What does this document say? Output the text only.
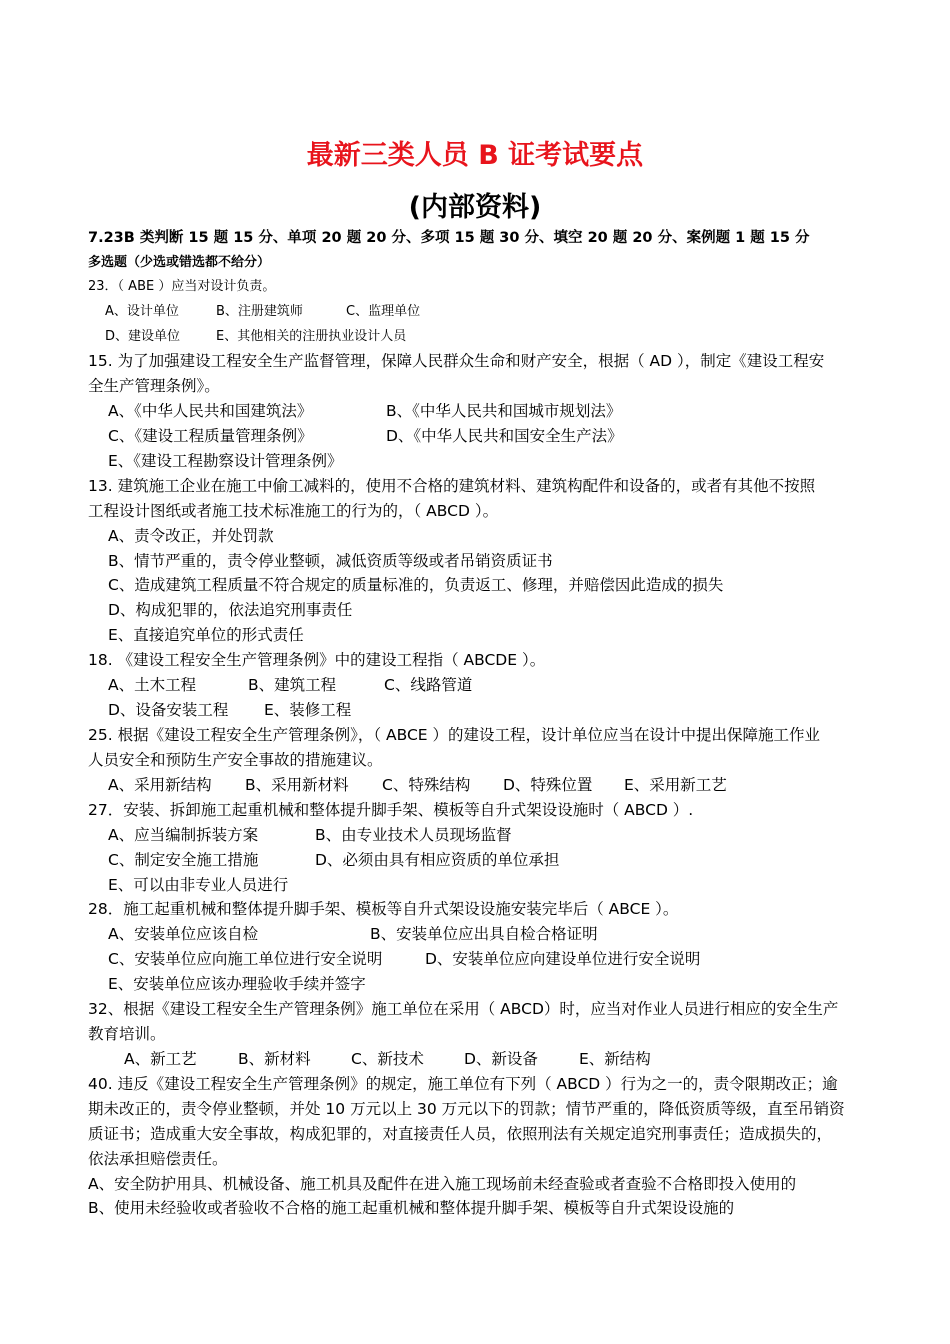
最新三类人员 B 证考试要点
(内部资料)
7.23B 类判断 15 题 15 分、单项 20 题 20 分、多项 15 题 30 分、填空 20 题 20 分、案例题 1 题 15 分
多选题（少选或错选都不给分）
23．（ ABE ）应当对设计负责。
A、设计单位	B、注册建筑师	C、监理单位
D、建设单位	E、其他相关的注册执业设计人员
15. 为了加强建设工程安全生产监督管理，保障人民群众生命和财产安全，根据（ AD ），制定《建设工程安
全生产管理条例》。
A、《中华人民共和国建筑法》	B、《中华人民共和国城市规划法》
C、《建设工程质量管理条例》	D、《中华人民共和国安全生产法》
E、《建设工程勘察设计管理条例》
13. 建筑施工企业在施工中偷工减料的，使用不合格的建筑材料、建筑构配件和设备的，或者有其他不按照
工程设计图纸或者施工技术标准施工的行为的，（ ABCD ）。
A、责令改正，并处罚款
B、情节严重的，责令停业整顿，减低资质等级或者吊销资质证书
C、造成建筑工程质量不符合规定的质量标准的，负责返工、修理，并赔偿因此造成的损失
D、构成犯罪的，依法追究刑事责任
E、直接追究单位的形式责任
18. 《建设工程安全生产管理条例》中的建设工程指（ ABCDE ）。
A、土木工程	B、建筑工程	C、线路管道
D、设备安装工程 E、装修工程
25. 根据《建设工程安全生产管理条例》，（ ABCE ）的建设工程，设计单位应当在设计中提出保障施工作业
人员安全和预防生产安全事故的措施建议。
A、采用新结构 B、采用新材料 C、特殊结构 D、特殊位置 E、采用新工艺
27．安装、拆卸施工起重机械和整体提升脚手架、模板等自升式架设设施时（ ABCD ）.
A、应当编制拆装方案	B、由专业技术人员现场监督
C、制定安全施工措施	D、必须由具有相应资质的单位承担
E、可以由非专业人员进行
28．施工起重机械和整体提升脚手架、模板等自升式架设设施安装完毕后（ ABCE ）。
A、安装单位应该自检	B、安装单位应出具自检合格证明
C、安装单位应向施工单位进行安全说明	D、安装单位应向建设单位进行安全说明
E、安装单位应该办理验收手续并签字
32、根据《建设工程安全生产管理条例》施工单位在采用（ ABCD）时，应当对作业人员进行相应的安全生产
教育培训。
A、新工艺	B、新材料	C、新技术	D、新设备	E、新结构
40. 违反《建设工程安全生产管理条例》的规定，施工单位有下列（ ABCD ）行为之一的，责令限期改正；逾
期未改正的，责令停业整顿，并处 10 万元以上 30 万元以下的罚款；情节严重的，降低资质等级，直至吊销资
质证书；造成重大安全事故，构成犯罪的，对直接责任人员，依照刑法有关规定追究刑事责任；造成损失的，
依法承担赔偿责任。
A、安全防护用具、机械设备、施工机具及配件在进入施工现场前未经查验或者查验不合格即投入使用的
B、使用未经验收或者验收不合格的施工起重机械和整体提升脚手架、模板等自升式架设设施的
